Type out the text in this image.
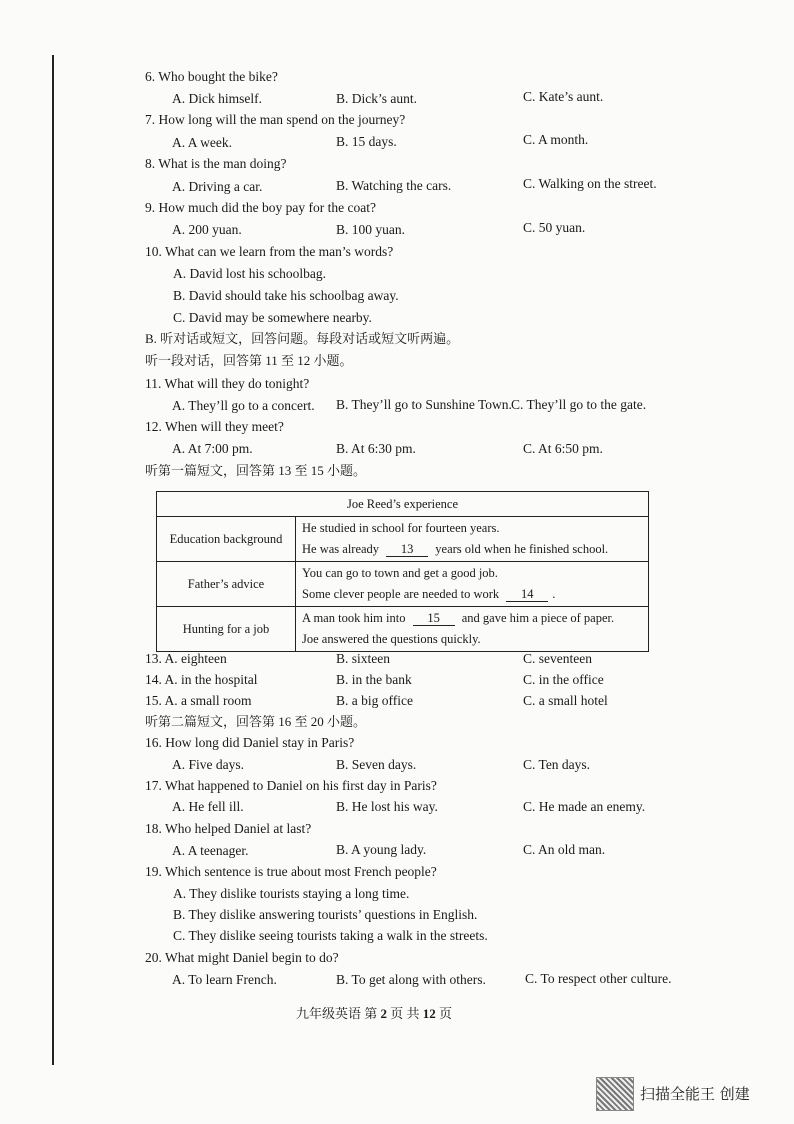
6. Who bought the bike?
A. Dick himself.	B. Dick’s aunt.	C. Kate’s aunt.
7. How long will the man spend on the journey?
A. A week.	B. 15 days.	C. A month.
8. What is the man doing?
A. Driving a car.	B. Watching the cars.	C. Walking on the street.
9. How much did the boy pay for the coat?
A. 200 yuan.	B. 100 yuan.	C. 50 yuan.
10. What can we learn from the man’s words?
A. David lost his schoolbag.
B. David should take his schoolbag away.
C. David may be somewhere nearby.
B. 听对话或短文，回答问题。每段对话或短文听两遍。
听一段对话，回答第 11 至 12 小题。
11. What will they do tonight?
A. They’ll go to a concert. B. They’ll go to Sunshine Town. C. They’ll go to the gate.
12. When will they meet?
A. At 7:00 pm.	B. At 6:30 pm.	C. At 6:50 pm.
听第一篇短文，回答第 13 至 15 小题。
Joe Reed’s experience	
Education background	He studied in school for fourteen years.
He was already 13 years old when he finished school.

Father’s advice	You can go to town and get a good job.
Some clever people are needed to work 14 .

Hunting for a job	A man took him into 15 and gave him a piece of paper.
Joe answered the questions quickly.
13. A. eighteen	B. sixteen	C. seventeen
14. A. in the hospital	B. in the bank	C. in the office
15. A. a small room	B. a big office	C. a small hotel
听第二篇短文，回答第 16 至 20 小题。
16. How long did Daniel stay in Paris?
A. Five days.	B. Seven days.	C. Ten days.
17. What happened to Daniel on his first day in Paris?
A. He fell ill.	B. He lost his way.	C. He made an enemy.
18. Who helped Daniel at last?
A. A teenager.	B. A young lady.	C. An old man.
19. Which sentence is true about most French people?
A. They dislike tourists staying a long time.
B. They dislike answering tourists’ questions in English.
C. They dislike seeing tourists taking a walk in the streets.
20. What might Daniel begin to do?
A. To learn French.	B. To get along with others.	C. To respect other culture.
九年级英语 第 2 页 共 12 页
扫描全能王 创建
